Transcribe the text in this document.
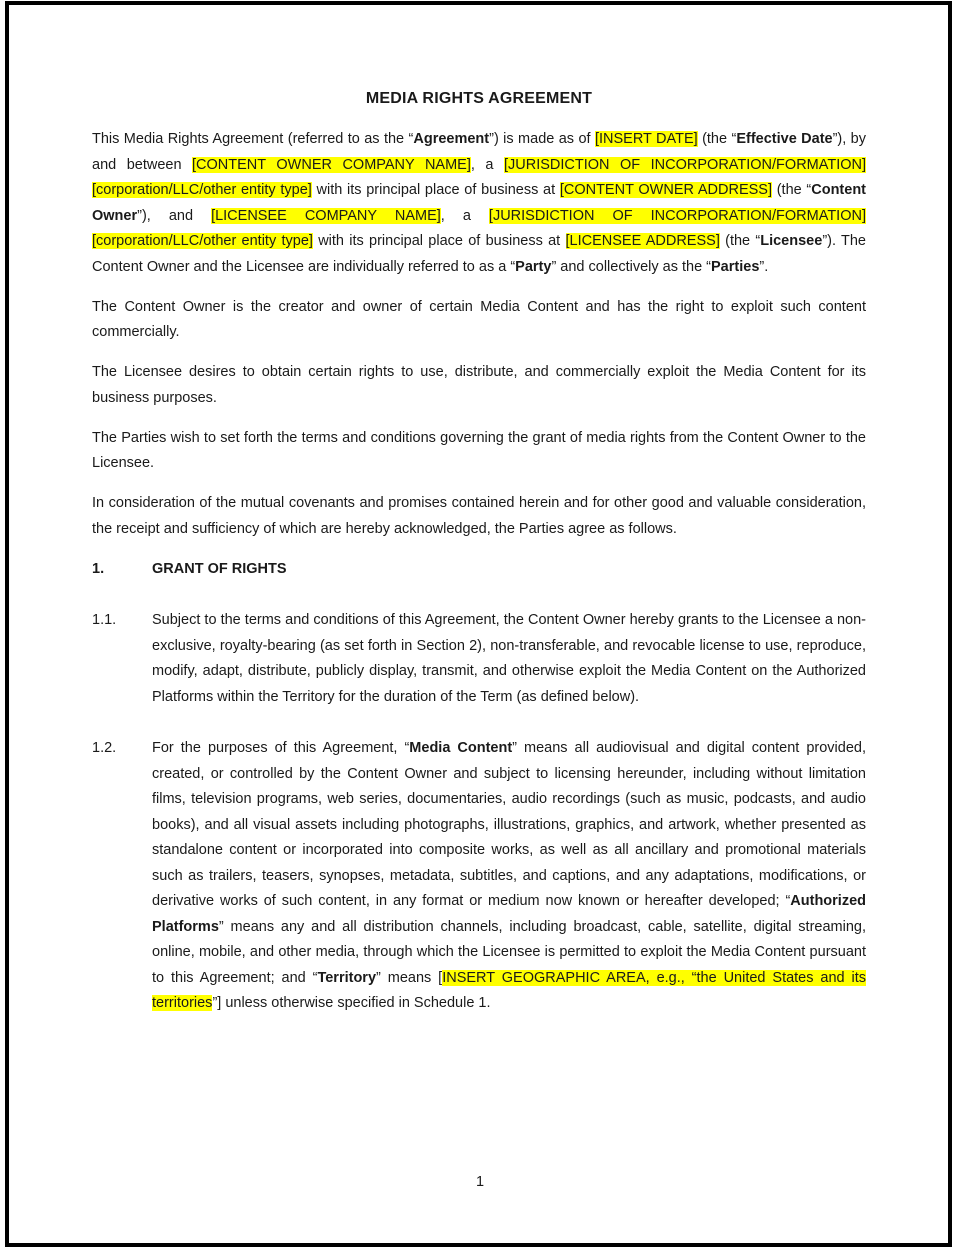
MEDIA RIGHTS AGREEMENT

This Media Rights Agreement (referred to as the “Agreement”) is made as of [INSERT DATE] (the “Effective Date”), by and between [CONTENT OWNER COMPANY NAME], a [JURISDICTION OF INCORPORATION/FORMATION] [corporation/LLC/other entity type] with its principal place of business at [CONTENT OWNER ADDRESS] (the “Content Owner”), and [LICENSEE COMPANY NAME], a [JURISDICTION OF INCORPORATION/FORMATION] [corporation/LLC/other entity type] with its principal place of business at [LICENSEE ADDRESS] (the “Licensee”). The Content Owner and the Licensee are individually referred to as a “Party” and collectively as the “Parties”.

The Content Owner is the creator and owner of certain Media Content and has the right to exploit such content commercially.

The Licensee desires to obtain certain rights to use, distribute, and commercially exploit the Media Content for its business purposes.

The Parties wish to set forth the terms and conditions governing the grant of media rights from the Content Owner to the Licensee.

In consideration of the mutual covenants and promises contained herein and for other good and valuable consideration, the receipt and sufficiency of which are hereby acknowledged, the Parties agree as follows.

1.	GRANT OF RIGHTS
1.1. Subject to the terms and conditions of this Agreement, the Content Owner hereby grants to the Licensee a non-exclusive, royalty-bearing (as set forth in Section 2), non-transferable, and revocable license to use, reproduce, modify, adapt, distribute, publicly display, transmit, and otherwise exploit the Media Content on the Authorized Platforms within the Territory for the duration of the Term (as defined below).
1.2. For the purposes of this Agreement, “Media Content” means all audiovisual and digital content provided, created, or controlled by the Content Owner and subject to licensing hereunder, including without limitation films, television programs, web series, documentaries, audio recordings (such as music, podcasts, and audio books), and all visual assets including photographs, illustrations, graphics, and artwork, whether presented as standalone content or incorporated into composite works, as well as all ancillary and promotional materials such as trailers, teasers, synopses, metadata, subtitles, and captions, and any adaptations, modifications, or derivative works of such content, in any format or medium now known or hereafter developed; “Authorized Platforms” means any and all distribution channels, including broadcast, cable, satellite, digital streaming, online, mobile, and other media, through which the Licensee is permitted to exploit the Media Content pursuant to this Agreement; and “Territory” means [INSERT GEOGRAPHIC AREA, e.g., “the United States and its territories”] unless otherwise specified in Schedule 1.
1
